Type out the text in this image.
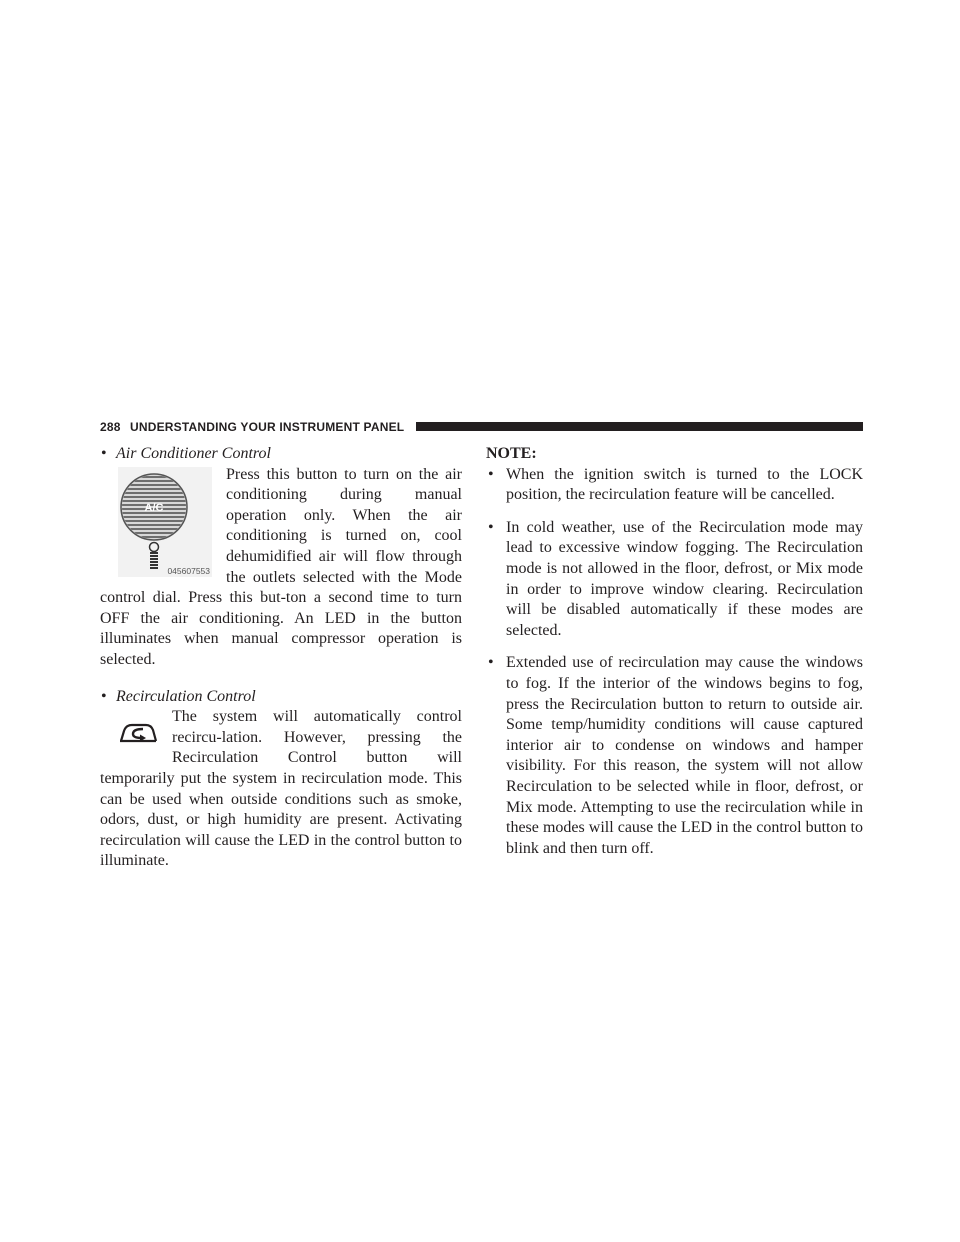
288 UNDERSTANDING YOUR INSTRUMENT PANEL
• Air Conditioner Control
A/C
045607553

Press this button to turn on the air conditioning during manual operation only. When the air conditioning is turned on, cool dehumidified air will flow through the outlets selected with the Mode control dial. Press this but-ton a second time to turn OFF the air conditioning. An LED in the button illuminates when manual compressor operation is selected.

• Recirculation Control

The system will automatically control recircu-lation. However, pressing the Recirculation Control button will temporarily put the system in recirculation mode. This can be used when outside conditions such as smoke, odors, dust, or high humidity are present. Activating recirculation will cause the LED in the control button to illuminate.

NOTE:
• When the ignition switch is turned to the LOCK position, the recirculation feature will be cancelled.

• In cold weather, use of the Recirculation mode may lead to excessive window fogging. The Recirculation mode is not allowed in the floor, defrost, or Mix mode in order to improve window clearing. Recirculation will be disabled automatically if these modes are selected.

• Extended use of recirculation may cause the windows to fog. If the interior of the windows begins to fog, press the Recirculation button to return to outside air. Some temp/humidity conditions will cause captured interior air to condense on windows and hamper visibility. For this reason, the system will not allow Recirculation to be selected while in floor, defrost, or Mix mode. Attempting to use the recirculation while in these modes will cause the LED in the control button to blink and then turn off.
